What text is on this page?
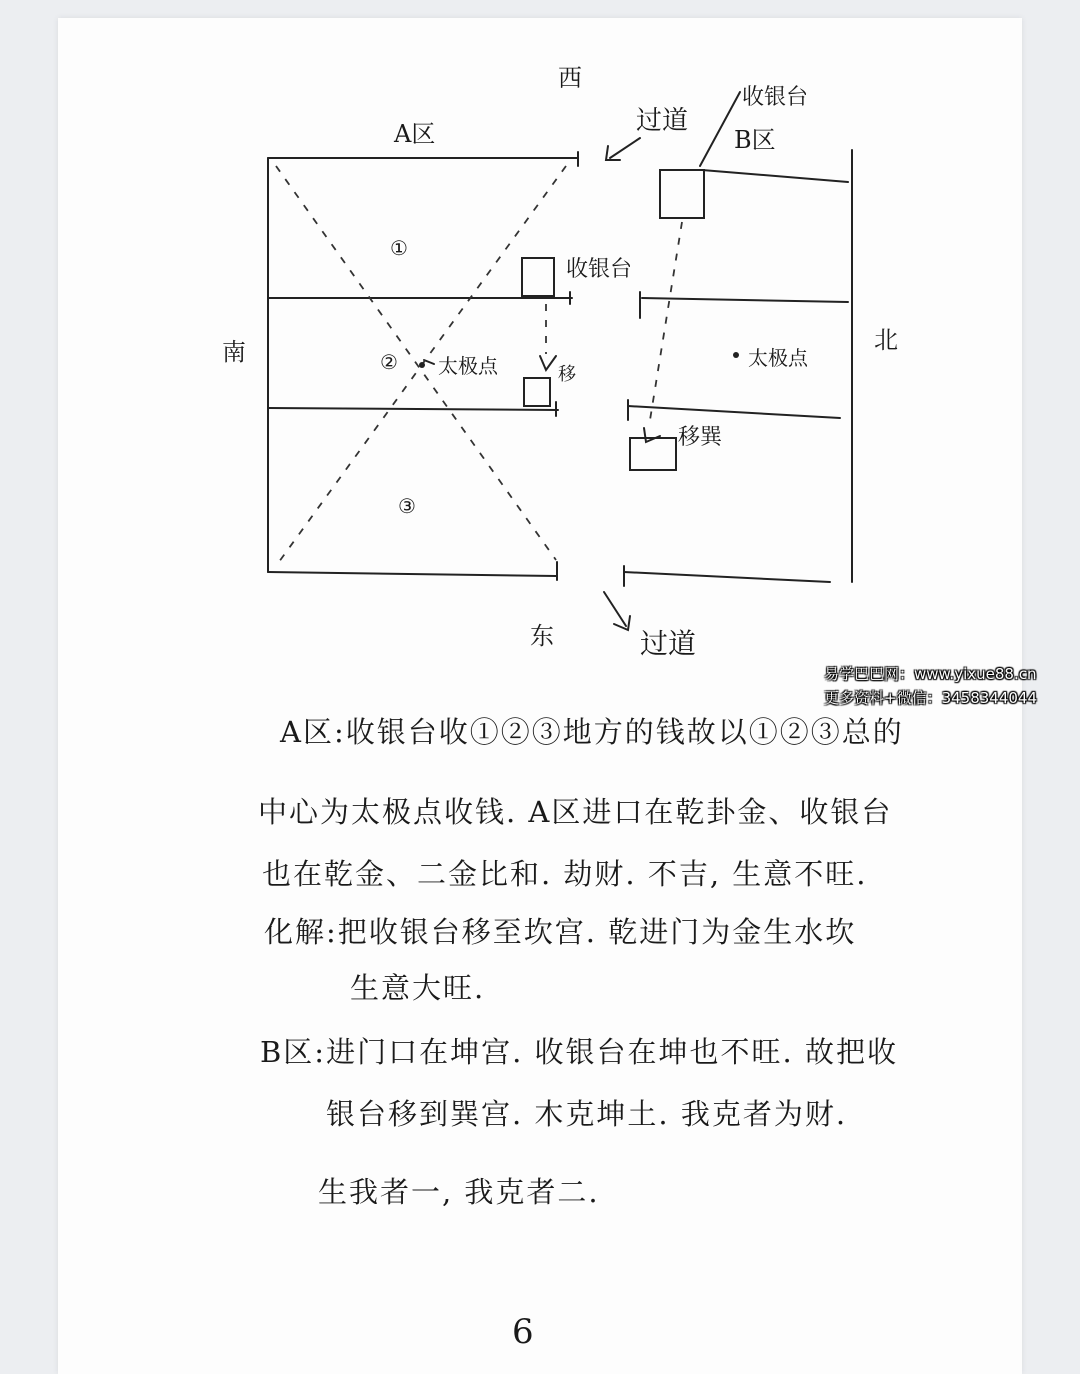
西
南	北
东
A区
收银台
①
②
③
太极点	移
B区
收银台
太极点
移巽
过道
过道
易学巴巴网：www.yixue88.cn
更多资料+微信：3458344044
A区:收银台收①②③地方的钱故以①②③总的
中心为太极点收钱. A区进口在乾卦金、收银台
也在乾金、二金比和. 劫财. 不吉, 生意不旺.
化解:把收银台移至坎宫. 乾进门为金生水坎
生意大旺.
B区:进门口在坤宫. 收银台在坤也不旺. 故把收
银台移到巽宫. 木克坤土. 我克者为财.
生我者一, 我克者二.
6
